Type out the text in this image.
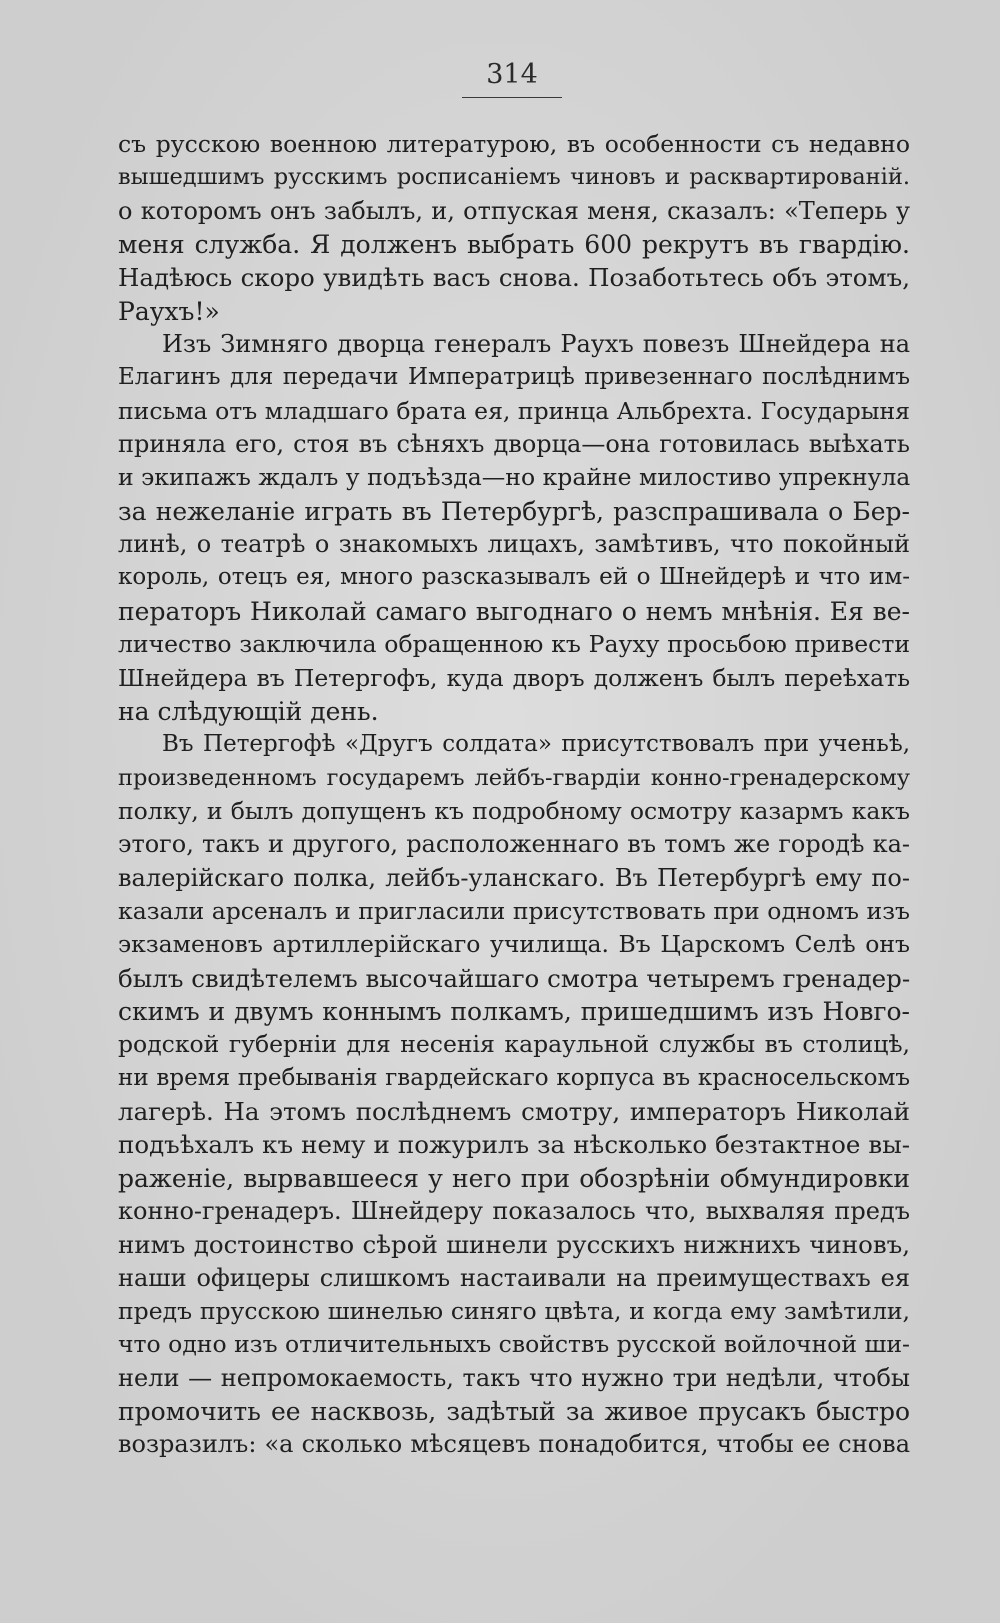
314
съ русскою военною литературою, въ особенности съ недавно
вышедшимъ русскимъ росписаніемъ чиновъ и расквартированій.
о которомъ онъ забылъ, и, отпуская меня, сказалъ: «Теперь у
меня служба. Я долженъ выбрать 600 рекрутъ въ гвардію.
Надѣюсь скоро увидѣть васъ снова. Позаботьтесь объ этомъ,
Раухъ!»
Изъ Зимняго дворца генералъ Раухъ повезъ Шнейдера на
Елагинъ для передачи Императрицѣ привезеннаго послѣднимъ
письма отъ младшаго брата ея, принца Альбрехта. Государыня
приняла его, стоя въ сѣняхъ дворца—она готовилась выѣхать
и экипажъ ждалъ у подъѣзда—но крайне милостиво упрекнула
за нежеланіе играть въ Петербургѣ, разспрашивала о Бер-
линѣ, о театрѣ о знакомыхъ лицахъ, замѣтивъ, что покойный
король, отецъ ея, много разсказывалъ ей о Шнейдерѣ и что им-
ператоръ Николай самаго выгоднаго о немъ мнѣнія. Ея ве-
личество заключила обращенною къ Рауху просьбою привести
Шнейдера въ Петергофъ, куда дворъ долженъ былъ переѣхать
на слѣдующій день.
Въ Петергофѣ «Другъ солдата» присутствовалъ при ученьѣ,
произведенномъ государемъ лейбъ-гвардіи конно-гренадерскому
полку, и былъ допущенъ къ подробному осмотру казармъ какъ
этого, такъ и другого, расположеннаго въ томъ же городѣ ка-
валерійскаго полка, лейбъ-уланскаго. Въ Петербургѣ ему по-
казали арсеналъ и пригласили присутствовать при одномъ изъ
экзаменовъ артиллерійскаго училища. Въ Царскомъ Селѣ онъ
былъ свидѣтелемъ высочайшаго смотра четыремъ гренадер-
скимъ и двумъ коннымъ полкамъ, пришедшимъ изъ Новго-
родской губерніи для несенія караульной службы въ столицѣ,
ни время пребыванія гвардейскаго корпуса въ красносельскомъ
лагерѣ. На этомъ послѣднемъ смотру, императоръ Николай
подъѣхалъ къ нему и пожурилъ за нѣсколько безтактное вы-
раженіе, вырвавшееся у него при обозрѣніи обмундировки
конно-гренадеръ. Шнейдеру показалось что, выхваляя предъ
нимъ достоинство сѣрой шинели русскихъ нижнихъ чиновъ,
наши офицеры слишкомъ настаивали на преимуществахъ ея
предъ прусскою шинелью синяго цвѣта, и когда ему замѣтили,
что одно изъ отличительныхъ свойствъ русской войлочной ши-
нели — непромокаемость, такъ что нужно три недѣли, чтобы
промочить ее насквозь, задѣтый за живое прусакъ быстро
возразилъ: «а сколько мѣсяцевъ понадобится, чтобы ее снова
